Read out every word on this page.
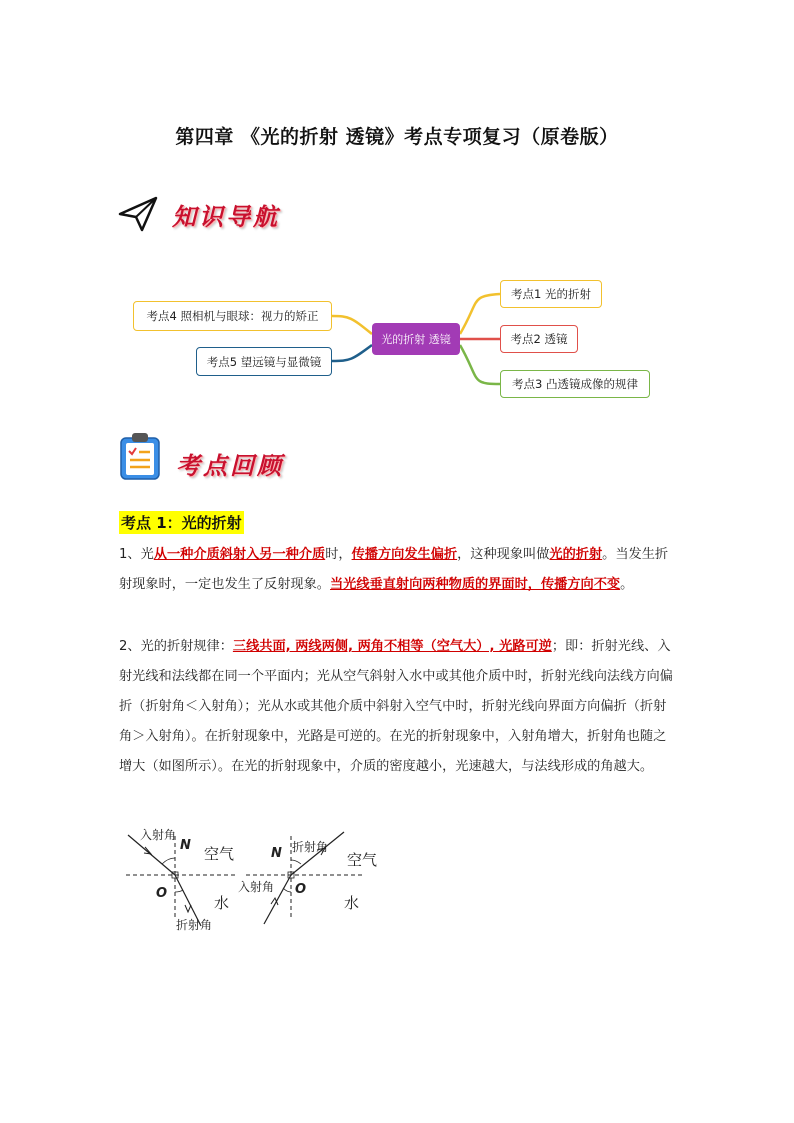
第四章 《光的折射 透镜》考点专项复习（原卷版）
知识导航
光的折射 透镜
考点1 光的折射
考点2 透镜
考点3 凸透镜成像的规律
考点4 照相机与眼球：视力的矫正
考点5 望远镜与显微镜
考点回顾
考点 1：光的折射
1、光从一种介质斜射入另一种介质时，传播方向发生偏折，这种现象叫做光的折射。当发生折射现象时，一定也发生了反射现象。当光线垂直射向两种物质的界面时，传播方向不变。
2、光的折射规律：三线共面, 两线两侧, 两角不相等（空气大）, 光路可逆；即：折射光线、入射光线和法线都在同一个平面内；光从空气斜射入水中或其他介质中时，折射光线向法线方向偏折（折射角＜入射角）；光从水或其他介质中斜射入空气中时，折射光线向界面方向偏折（折射角＞入射角）。在折射现象中，光路是可逆的。在光的折射现象中，入射角增大，折射角也随之增大（如图所示）。在光的折射现象中，介质的密度越小，光速越大，与法线形成的角越大。
入射角
N 空气
O
水
折射角
N 折射角
空气
入射角 O
水
